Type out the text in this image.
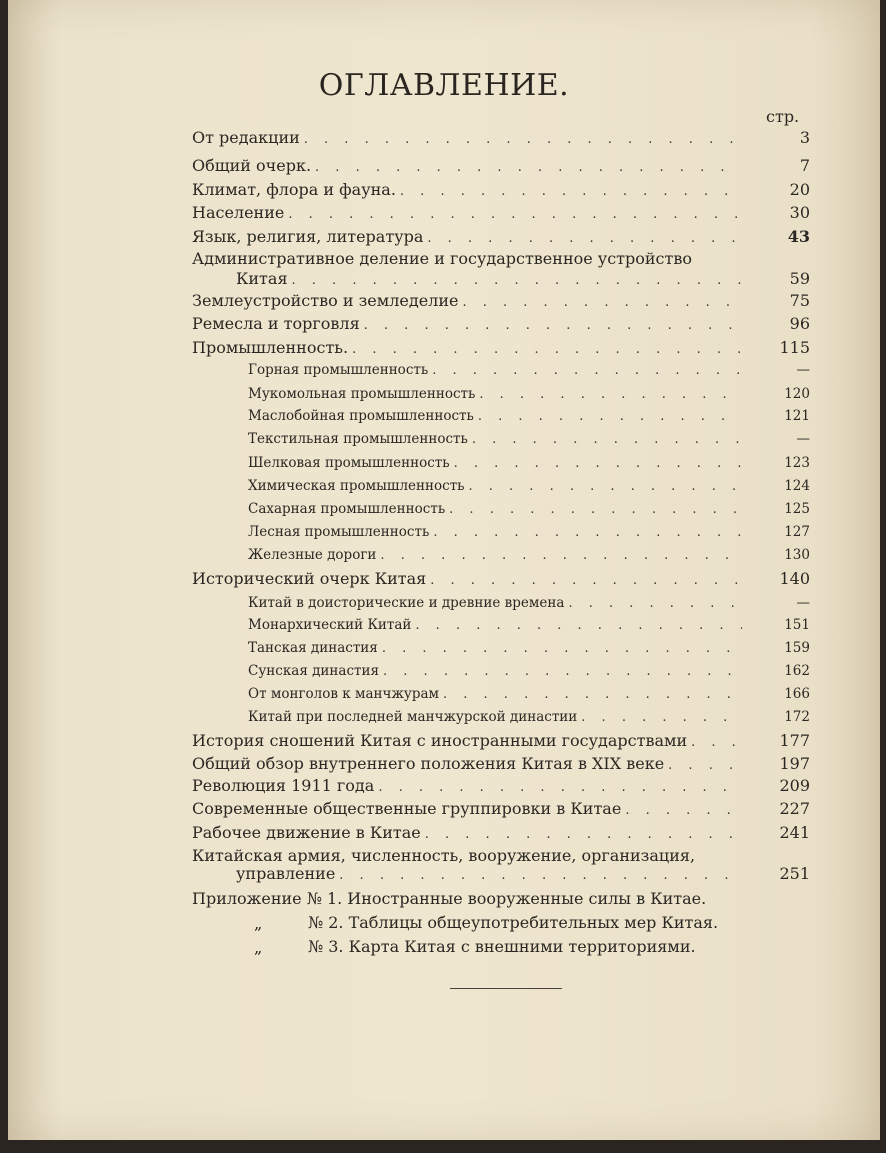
ОГЛАВЛЕНИЕ.
стр.
От редакции . . .	3
Общий очерк. . . .	7
Климат, флора и фауна. . . .	20
Население . . .	30
Язык, религия, литература . . .	43
Административное деление и государственное устройство
Китая . . .	59
Землеустройство и земледелие . . .	75
Ремесла и торговля . . .	96
Промышленность. . . .	115
Горная промышленность . . .	—
Мукомольная промышленность . . .	120
Маслобойная промышленность . . .	121
Текстильная промышленность . . .	—
Шелковая промышленность . . .	123
Химическая промышленность . . .	124
Сахарная промышленность . . .	125
Лесная промышленность . . .	127
Железные дороги . . .	130
Исторический очерк Китая . . .	140
Китай в доисторические и древние времена . . .	—
Монархический Китай . . .	151
Танская династия . . .	159
Сунская династия . . .	162
От монголов к манчжурам . . .	166
Китай при последней манчжурской династии . . .	172
История сношений Китая с иностранными государствами . . .	177
Общий обзор внутреннего положения Китая в XIX веке . . .	197
Революция 1911 года . . .	209
Современные общественные группировки в Китае . . .	227
Рабочее движение в Китае . . .	241
Китайская армия, численность, вооружение, организация,
управление . . .	251
Приложение № 1. Иностранные вооруженные силы в Китае.
„	№ 2. Таблицы общеупотребительных мер Китая.
„	№ 3. Карта Китая с внешними территориями.
